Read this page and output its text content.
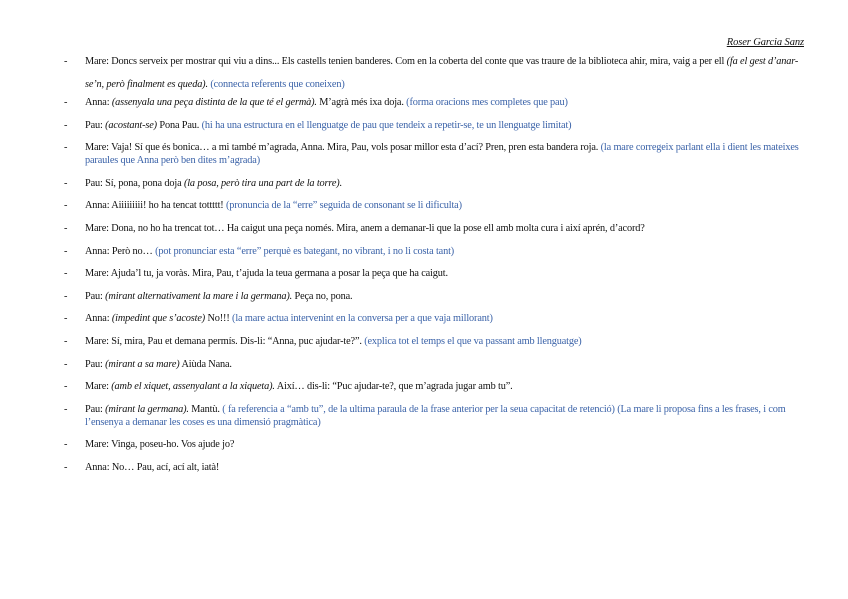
Roser Garcia Sanz
- Mare: Doncs serveix per mostrar qui viu a dins... Els castells tenien banderes. Com en la coberta del conte que vas traure de la biblioteca ahir, mira, vaig a per ell (fa el gest d’anar-se’n, però finalment es queda). (connecta referents que coneixen)
- Anna: (assenyala una peça distinta de la que té el germà). M’agrà més ixa doja. (forma oracions mes completes que pau)
- Pau: (acostant-se) Pona Pau. (hi ha una estructura en el llenguatge de pau que tendeix a repetir-se, te un llenguatge limitat)
- Mare: Vaja! Sí que és bonica… a mi també m’agrada, Anna. Mira, Pau, vols posar millor esta d’ací? Pren, pren esta bandera roja. (la mare corregeix parlant ella i dient les mateixes paraules que Anna però ben dites m’agrada)
- Pau: Sí, pona, pona doja (la posa, però tira una part de la torre).
- Anna: Aiiiiiiiii! ho ha tencat tottttt! (pronuncia de la “erre” seguida de consonant se li dificulta)
- Mare: Dona, no ho ha trencat tot… Ha caigut una peça només. Mira, anem a demanar-li que la pose ell amb molta cura i així aprén, d’acord?
- Anna: Però no… (pot pronunciar esta “erre” perquè es bategant, no vibrant, i no li costa tant)
- Mare: Ajuda’l tu, ja voràs. Mira, Pau, t’ajuda la teua germana a posar la peça que ha caigut.
- Pau: (mirant alternativament la mare i la germana). Peça no, pona.
- Anna: (impedint que s’acoste) No!!! (la mare actua intervenint en la conversa per a que vaja millorant)
- Mare: Sí, mira, Pau et demana permís. Dis-li: “Anna, puc ajudar-te?”. (explica tot el temps el que va passant amb llenguatge)
- Pau: (mirant a sa mare) Aiùda Nana.
- Mare: (amb el xiquet, assenyalant a la xiqueta). Així… dis-li: “Puc ajudar-te?, que m’agrada jugar amb tu”.
- Pau: (mirant la germana). Mantù. ( fa referencia a “amb tu”, de la ultima paraula de la frase anterior per la seua capacitat de retenció) (La mare li proposa fins a les frases, i com l’ensenya a demanar les coses es una dimensió pragmàtica)
- Mare: Vinga, poseu-ho. Vos ajude jo?
- Anna: No… Pau, ací, ací alt, iatà!
